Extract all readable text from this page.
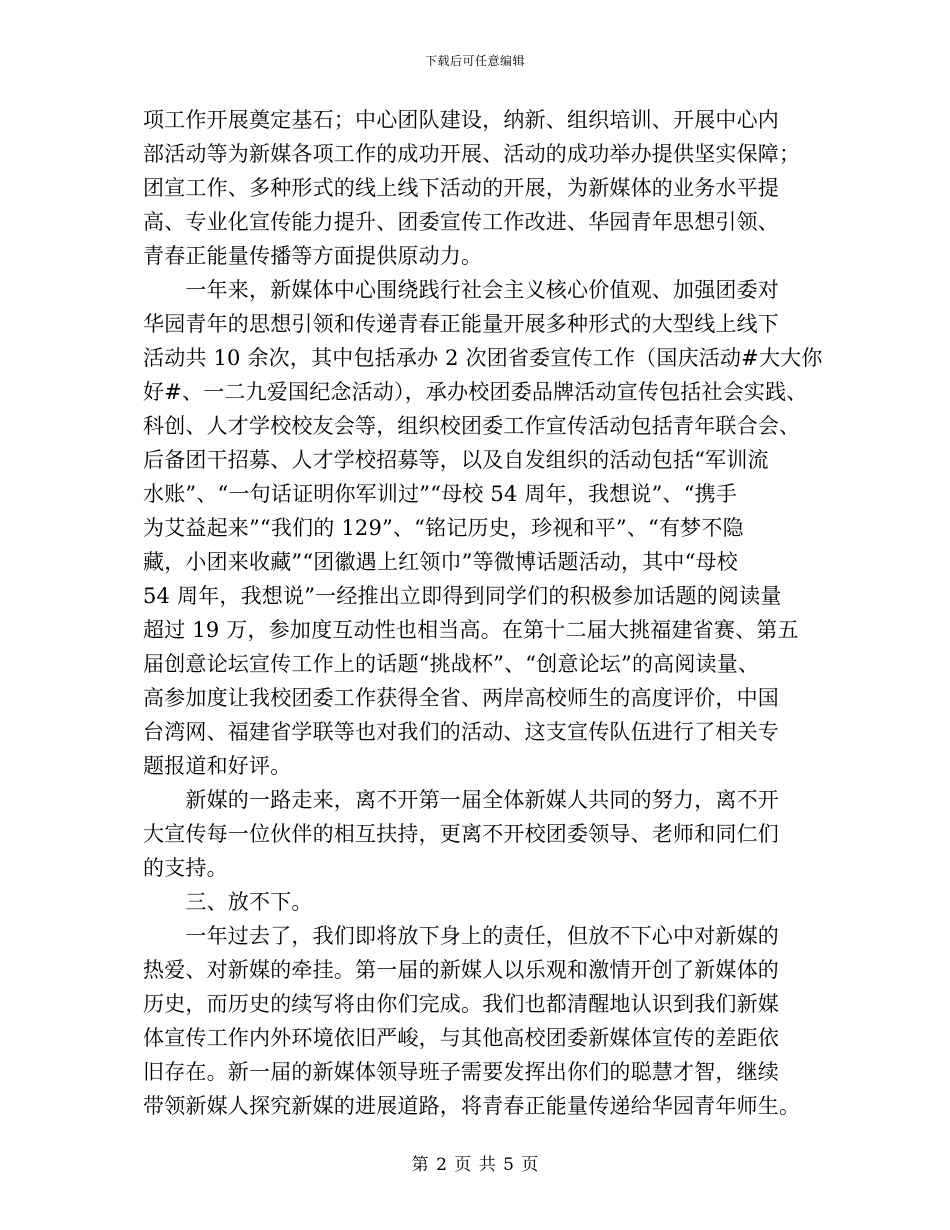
下载后可任意编辑
项工作开展奠定基石；中心团队建设，纳新、组织培训、开展中心内
部活动等为新媒各项工作的成功开展、活动的成功举办提供坚实保障；
团宣工作、多种形式的线上线下活动的开展，为新媒体的业务水平提
高、专业化宣传能力提升、团委宣传工作改进、华园青年思想引领、
青春正能量传播等方面提供原动力。
　　一年来，新媒体中心围绕践行社会主义核心价值观、加强团委对
华园青年的思想引领和传递青春正能量开展多种形式的大型线上线下
活动共 10 余次，其中包括承办 2 次团省委宣传工作（国庆活动#大大你
好#、一二九爱国纪念活动），承办校团委品牌活动宣传包括社会实践、
科创、人才学校校友会等，组织校团委工作宣传活动包括青年联合会、
后备团干招募、人才学校招募等，以及自发组织的活动包括“军训流
水账”、“一句话证明你军训过”“母校 54 周年，我想说”、“携手
为艾益起来”“我们的 129”、“铭记历史，珍视和平”、“有梦不隐
藏，小团来收藏”“团徽遇上红领巾”等微博话题活动，其中“母校
54 周年，我想说”一经推出立即得到同学们的积极参加话题的阅读量
超过 19 万，参加度互动性也相当高。在第十二届大挑福建省赛、第五
届创意论坛宣传工作上的话题“挑战杯”、“创意论坛”的高阅读量、
高参加度让我校团委工作获得全省、两岸高校师生的高度评价，中国
台湾网、福建省学联等也对我们的活动、这支宣传队伍进行了相关专
题报道和好评。
　　新媒的一路走来，离不开第一届全体新媒人共同的努力，离不开
大宣传每一位伙伴的相互扶持，更离不开校团委领导、老师和同仁们
的支持。
　　三、放不下。
　　一年过去了，我们即将放下身上的责任，但放不下心中对新媒的
热爱、对新媒的牵挂。第一届的新媒人以乐观和激情开创了新媒体的
历史，而历史的续写将由你们完成。我们也都清醒地认识到我们新媒
体宣传工作内外环境依旧严峻，与其他高校团委新媒体宣传的差距依
旧存在。新一届的新媒体领导班子需要发挥出你们的聪慧才智，继续
带领新媒人探究新媒的进展道路，将青春正能量传递给华园青年师生。
第 2 页 共 5 页
